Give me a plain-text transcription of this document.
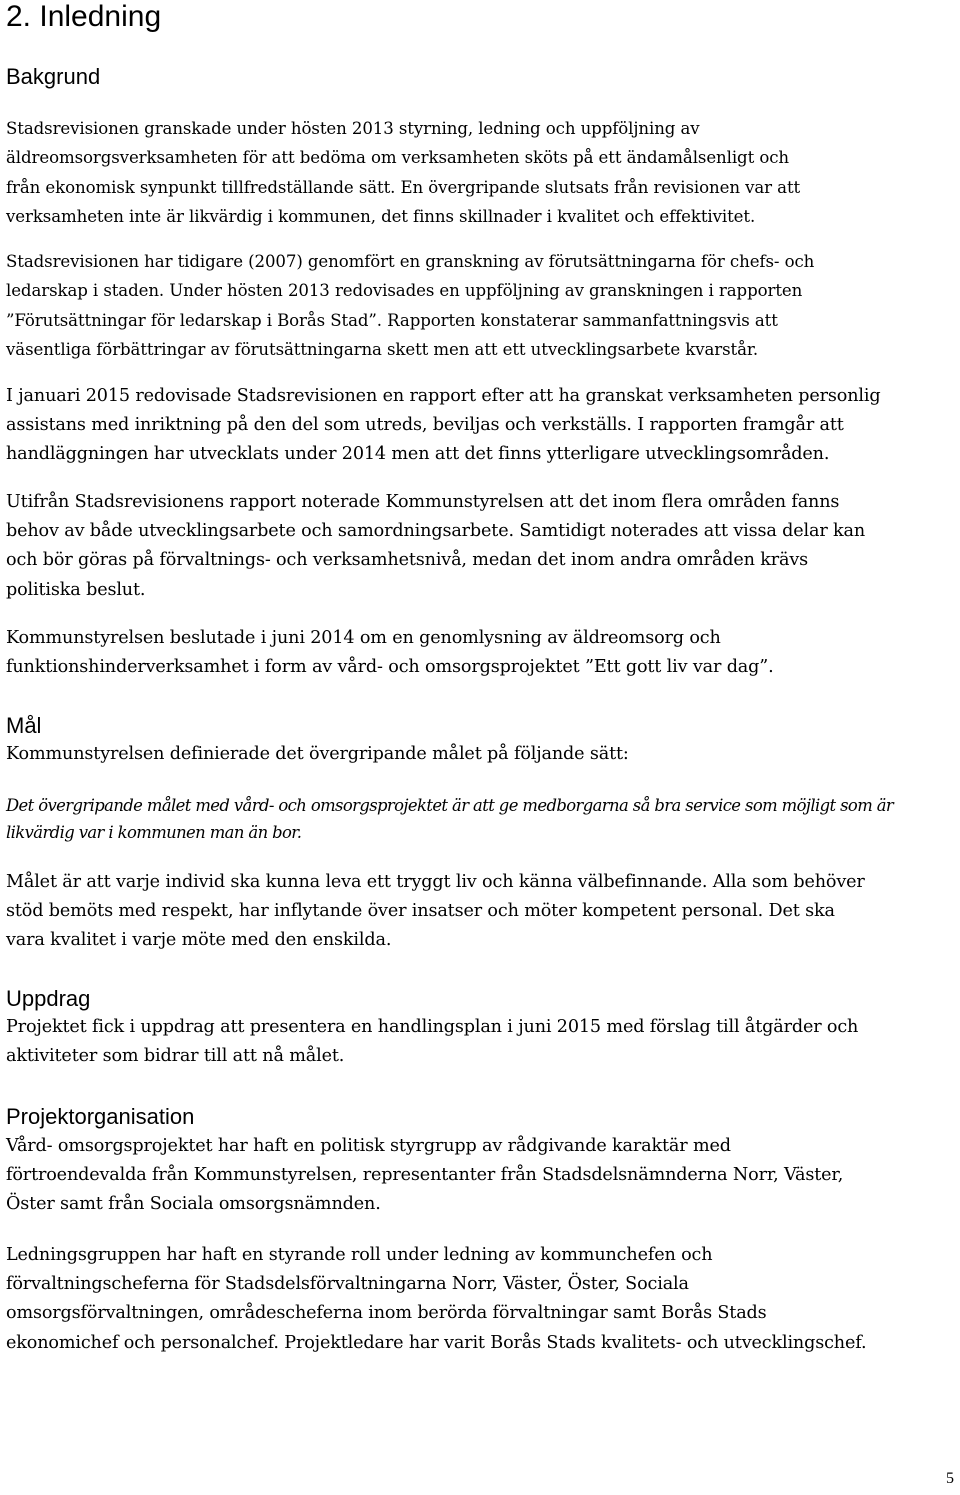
2. Inledning
Bakgrund

Stadsrevisionen granskade under hösten 2013 styrning, ledning och uppföljning av
äldreomsorgsverksamheten för att bedöma om verksamheten sköts på ett ändamålsenligt och
från ekonomisk synpunkt tillfredställande sätt. En övergripande slutsats från revisionen var att
verksamheten inte är likvärdig i kommunen, det finns skillnader i kvalitet och effektivitet.

Stadsrevisionen har tidigare (2007) genomfört en granskning av förutsättningarna för chefs- och
ledarskap i staden. Under hösten 2013 redovisades en uppföljning av granskningen i rapporten
”Förutsättningar för ledarskap i Borås Stad”. Rapporten konstaterar sammanfattningsvis att
väsentliga förbättringar av förutsättningarna skett men att ett utvecklingsarbete kvarstår.

I januari 2015 redovisade Stadsrevisionen en rapport efter att ha granskat verksamheten personlig
assistans med inriktning på den del som utreds, beviljas och verkställs. I rapporten framgår att
handläggningen har utvecklats under 2014 men att det finns ytterligare utvecklingsområden.

Utifrån Stadsrevisionens rapport noterade Kommunstyrelsen att det inom flera områden fanns
behov av både utvecklingsarbete och samordningsarbete. Samtidigt noterades att vissa delar kan
och bör göras på förvaltnings- och verksamhetsnivå, medan det inom andra områden krävs
politiska beslut.

Kommunstyrelsen beslutade i juni 2014 om en genomlysning av äldreomsorg och
funktionshinderverksamhet i form av vård- och omsorgsprojektet ”Ett gott liv var dag”.

Mål

Kommunstyrelsen definierade det övergripande målet på följande sätt:

Det övergripande målet med vård- och omsorgsprojektet är att ge medborgarna så bra service som möjligt som är
likvärdig var i kommunen man än bor.

Målet är att varje individ ska kunna leva ett tryggt liv och känna välbefinnande. Alla som behöver
stöd bemöts med respekt, har inflytande över insatser och möter kompetent personal. Det ska
vara kvalitet i varje möte med den enskilda.

Uppdrag

Projektet fick i uppdrag att presentera en handlingsplan i juni 2015 med förslag till åtgärder och
aktiviteter som bidrar till att nå målet.

Projektorganisation

Vård- omsorgsprojektet har haft en politisk styrgrupp av rådgivande karaktär med
förtroendevalda från Kommunstyrelsen, representanter från Stadsdelsnämnderna Norr, Väster,
Öster samt från Sociala omsorgsnämnden.

Ledningsgruppen har haft en styrande roll under ledning av kommunchefen och
förvaltningscheferna för Stadsdelsförvaltningarna Norr, Väster, Öster, Sociala
omsorgsförvaltningen, områdescheferna inom berörda förvaltningar samt Borås Stads
ekonomichef och personalchef. Projektledare har varit Borås Stads kvalitets- och utvecklingschef.

5
